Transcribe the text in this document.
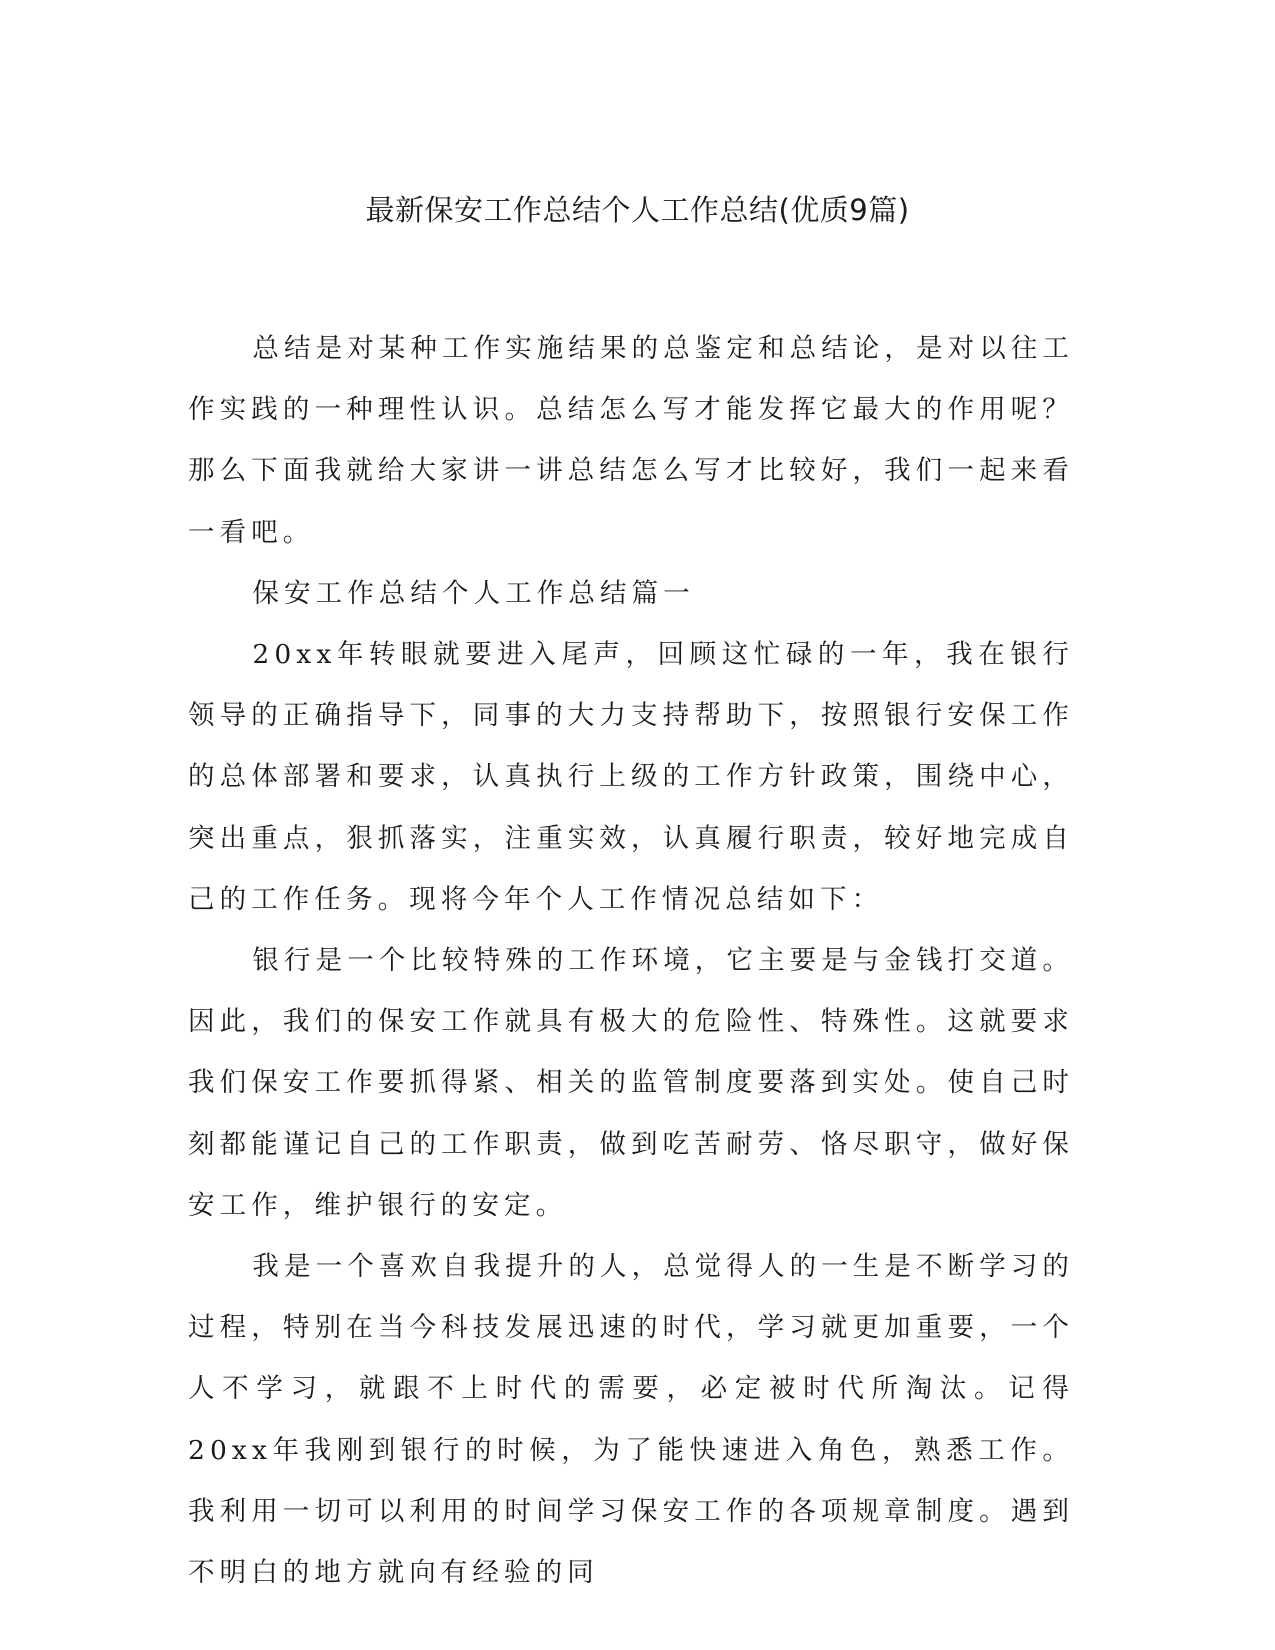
最新保安工作总结个人工作总结(优质9篇)

总结是对某种工作实施结果的总鉴定和总结论，是对以往工作实践的一种理性认识。总结怎么写才能发挥它最大的作用呢？那么下面我就给大家讲一讲总结怎么写才比较好，我们一起来看一看吧。

保安工作总结个人工作总结篇一

20xx年转眼就要进入尾声，回顾这忙碌的一年，我在银行领导的正确指导下，同事的大力支持帮助下，按照银行安保工作的总体部署和要求，认真执行上级的工作方针政策，围绕中心，突出重点，狠抓落实，注重实效，认真履行职责，较好地完成自己的工作任务。现将今年个人工作情况总结如下：

银行是一个比较特殊的工作环境，它主要是与金钱打交道。因此，我们的保安工作就具有极大的危险性、特殊性。这就要求我们保安工作要抓得紧、相关的监管制度要落到实处。使自己时刻都能谨记自己的工作职责，做到吃苦耐劳、恪尽职守，做好保安工作，维护银行的安定。

我是一个喜欢自我提升的人，总觉得人的一生是不断学习的过程，特别在当今科技发展迅速的时代，学习就更加重要，一个人不学习，就跟不上时代的需要，必定被时代所淘汰。记得20xx年我刚到银行的时候，为了能快速进入角色，熟悉工作。我利用一切可以利用的时间学习保安工作的各项规章制度。遇到不明白的地方就向有经验的同
